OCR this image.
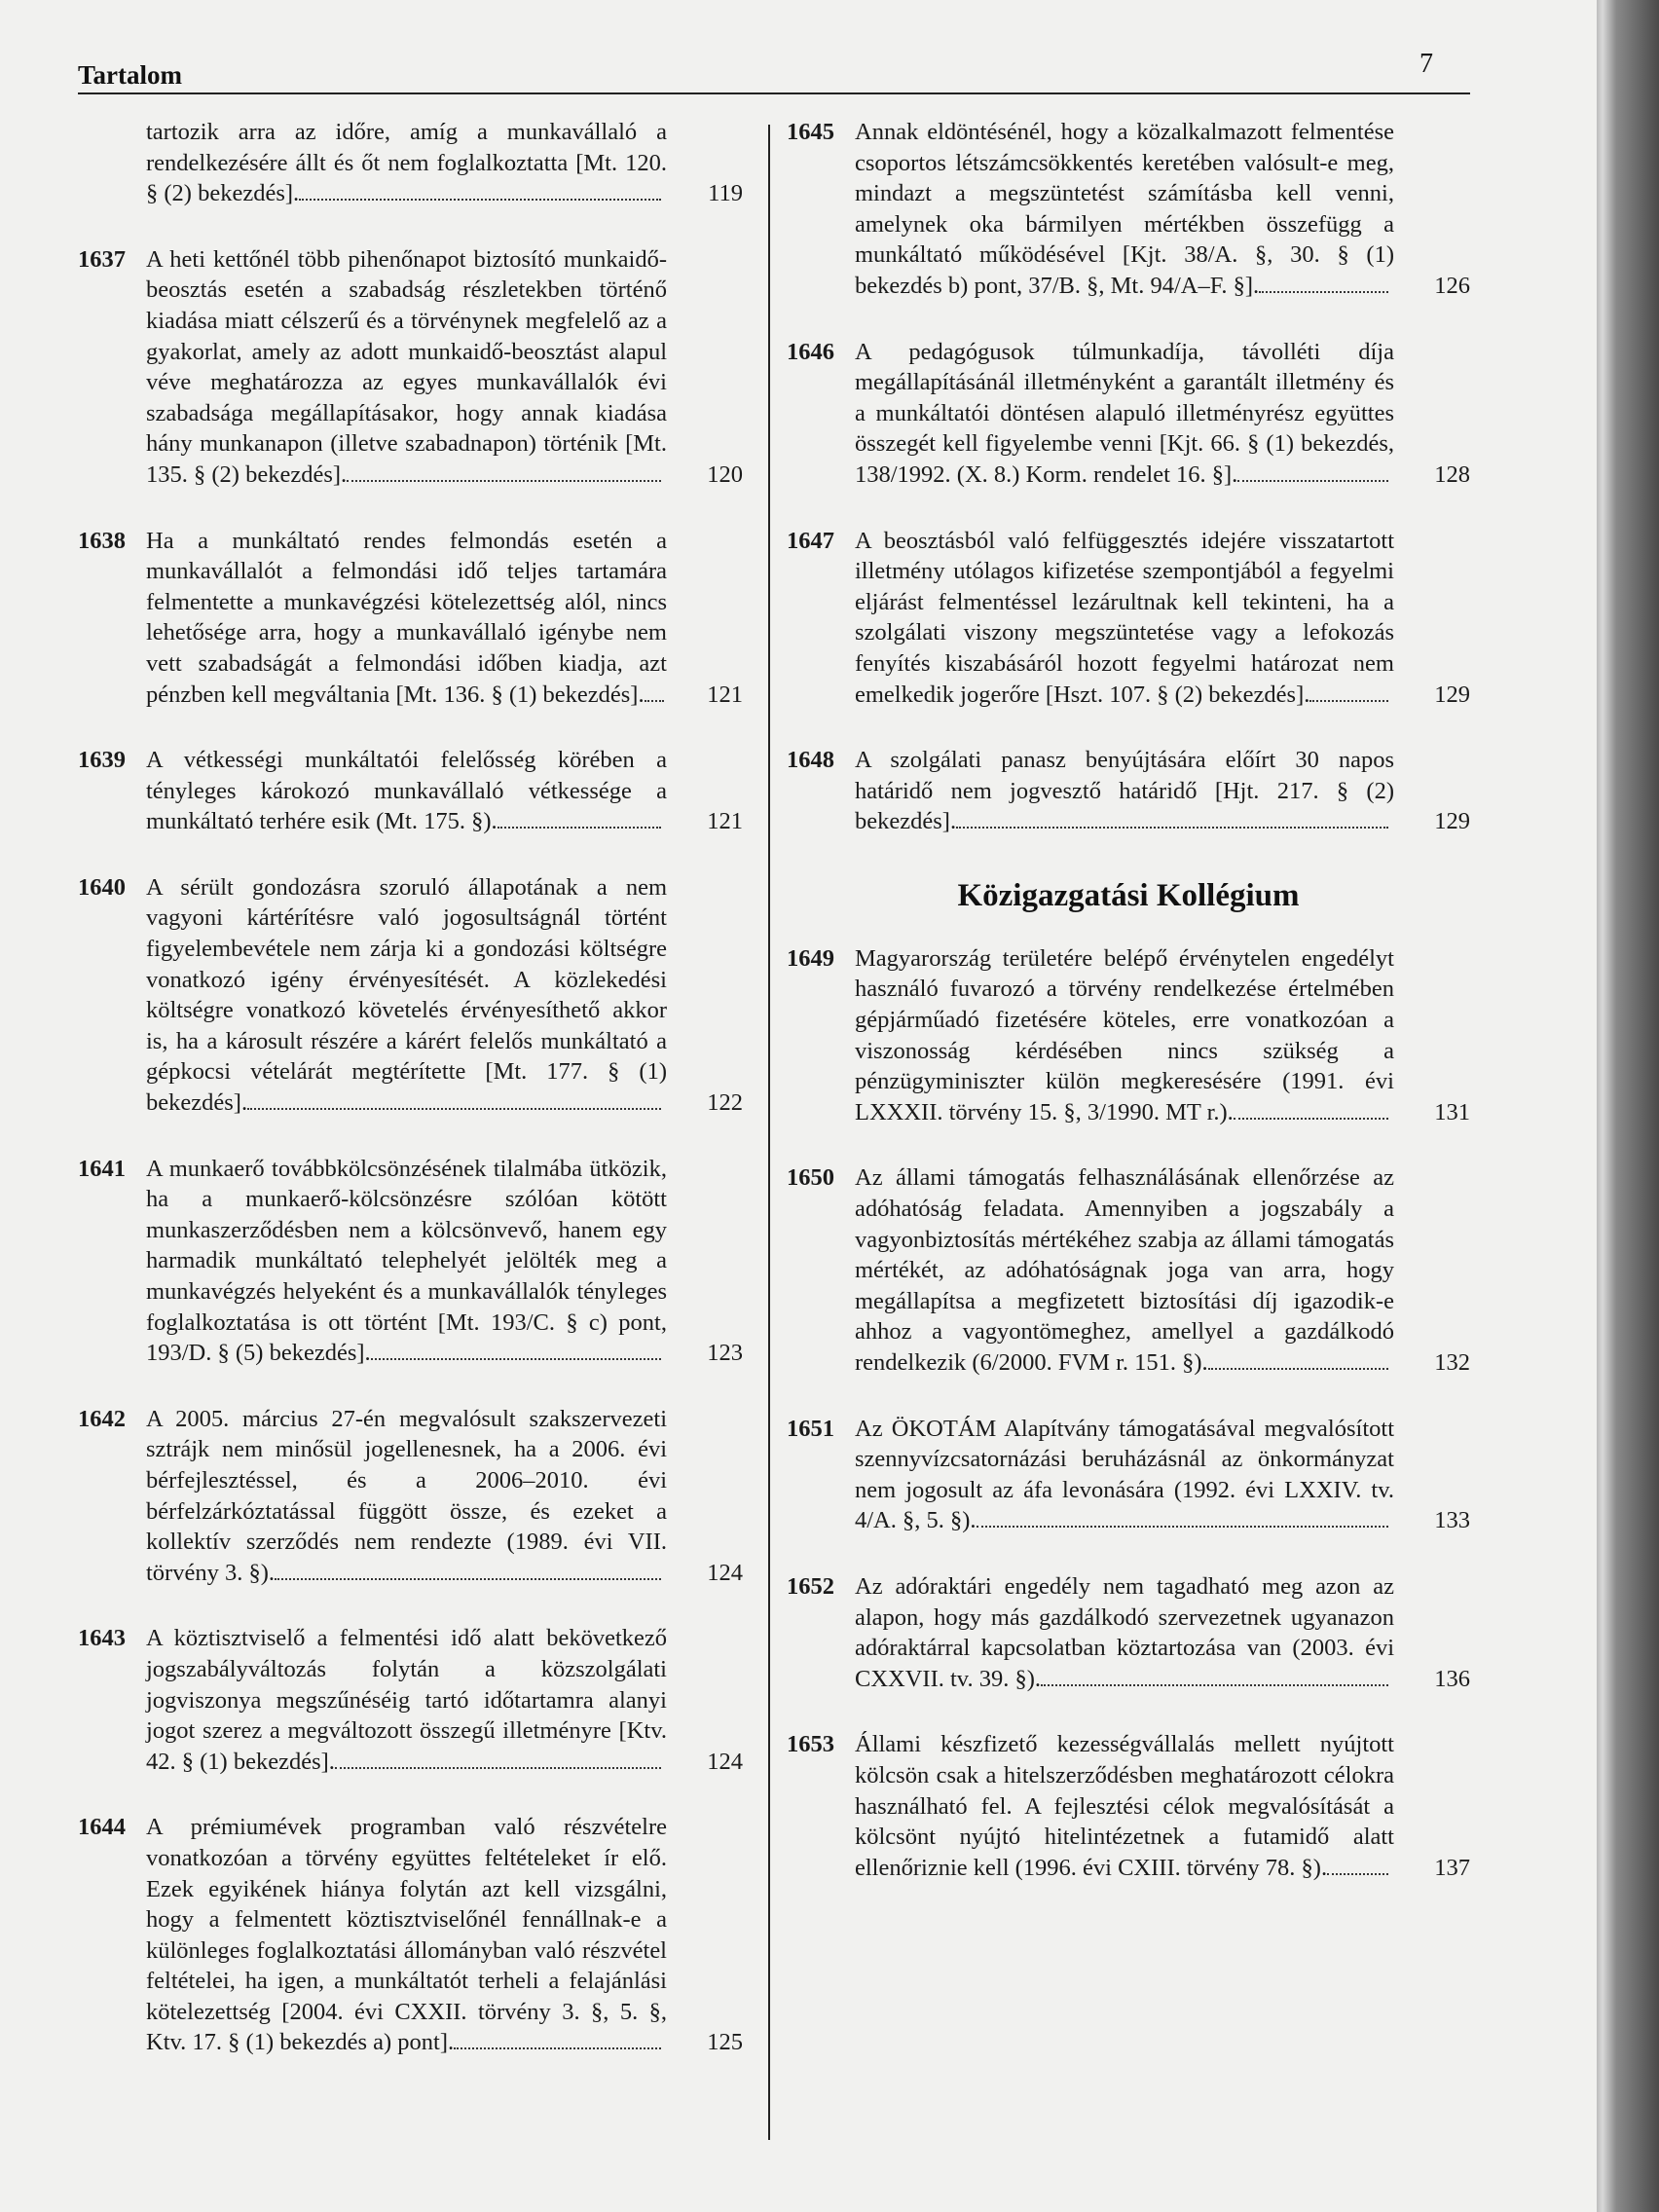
Tartalom	7
tartozik arra az időre, amíg a munkavállaló a rendelkezésére állt és őt nem foglalkoztatta [Mt. 120. § (2) bekezdés].	119
1637 A heti kettőnél több pihenőnapot biztosító munkaidő-beosztás esetén a szabadság részletekben történő kiadása miatt célszerű és a törvénynek megfelelő az a gyakorlat, amely az adott munkaidő-beosztást alapul véve meghatározza az egyes munkavállalók évi szabadsága megállapításakor, hogy annak kiadása hány munkanapon (illetve szabadnapon) történik [Mt. 135. § (2) bekezdés].	120
1638 Ha a munkáltató rendes felmondás esetén a munkavállalót a felmondási idő teljes tartamára felmentette a munkavégzési kötelezettség alól, nincs lehetősége arra, hogy a munkavállaló igénybe nem vett szabadságát a felmondási időben kiadja, azt pénzben kell megváltania [Mt. 136. § (1) bekezdés].	121
1639 A vétkességi munkáltatói felelősség körében a tényleges károkozó munkavállaló vétkessége a munkáltató terhére esik (Mt. 175. §).	121
1640 A sérült gondozásra szoruló állapotának a nem vagyoni kártérítésre való jogosultságnál történt figyelembevétele nem zárja ki a gondozási költségre vonatkozó igény érvényesítését. A közlekedési költségre vonatkozó követelés érvényesíthető akkor is, ha a károsult részére a kárért felelős munkáltató a gépkocsi vételárát megtérítette [Mt. 177. § (1) bekezdés].	122
1641 A munkaerő továbbkölcsönzésének tilalmába ütközik, ha a munkaerő-kölcsönzésre szólóan kötött munkaszerződésben nem a kölcsönvevő, hanem egy harmadik munkáltató telephelyét jelölték meg a munkavégzés helyeként és a munkavállalók tényleges foglalkoztatása is ott történt [Mt. 193/C. § c) pont, 193/D. § (5) bekezdés].	123
1642 A 2005. március 27-én megvalósult szakszervezeti sztrájk nem minősül jogellenesnek, ha a 2006. évi bérfejlesztéssel, és a 2006–2010. évi bérfelzárkóztatással függött össze, és ezeket a kollektív szerződés nem rendezte (1989. évi VII. törvény 3. §).	124
1643 A köztisztviselő a felmentési idő alatt bekövetkező jogszabályváltozás folytán a közszolgálati jogviszonya megszűnéséig tartó időtartamra alanyi jogot szerez a megváltozott összegű illetményre [Ktv. 42. § (1) bekezdés].	124
1644 A prémiumévek programban való részvételre vonatkozóan a törvény együttes feltételeket ír elő. Ezek egyikének hiánya folytán azt kell vizsgálni, hogy a felmentett köztisztviselőnél fennállnak-e a különleges foglalkoztatási állományban való részvétel feltételei, ha igen, a munkáltatót terheli a felajánlási kötelezettség [2004. évi CXXII. törvény 3. §, 5. §, Ktv. 17. § (1) bekezdés a) pont].	125
1645 Annak eldöntésénél, hogy a közalkalmazott felmentése csoportos létszámcsökkentés keretében valósult-e meg, mindazt a megszüntetést számításba kell venni, amelynek oka bármilyen mértékben összefügg a munkáltató működésével [Kjt. 38/A. §, 30. § (1) bekezdés b) pont, 37/B. §, Mt. 94/A–F. §].	126
1646 A pedagógusok túlmunkadíja, távolléti díja megállapításánál illetményként a garantált illetmény és a munkáltatói döntésen alapuló illetményrész együttes összegét kell figyelembe venni [Kjt. 66. § (1) bekezdés, 138/1992. (X. 8.) Korm. rendelet 16. §].	128
1647 A beosztásból való felfüggesztés idejére visszatartott illetmény utólagos kifizetése szempontjából a fegyelmi eljárást felmentéssel lezárultnak kell tekinteni, ha a szolgálati viszony megszüntetése vagy a lefokozás fenyítés kiszabásáról hozott fegyelmi határozat nem emelkedik jogerőre [Hszt. 107. § (2) bekezdés].	129
1648 A szolgálati panasz benyújtására előírt 30 napos határidő nem jogvesztő határidő [Hjt. 217. § (2) bekezdés].	129
Közigazgatási Kollégium
1649 Magyarország területére belépő érvénytelen engedélyt használó fuvarozó a törvény rendelkezése értelmében gépjárműadó fizetésére köteles, erre vonatkozóan a viszonosság kérdésében nincs szükség a pénzügyminiszter külön megkeresésére (1991. évi LXXXII. törvény 15. §, 3/1990. MT r.).	131
1650 Az állami támogatás felhasználásának ellenőrzése az adóhatóság feladata. Amennyiben a jogszabály a vagyonbiztosítás mértékéhez szabja az állami támogatás mértékét, az adóhatóságnak joga van arra, hogy megállapítsa a megfizetett biztosítási díj igazodik-e ahhoz a vagyontömeghez, amellyel a gazdálkodó rendelkezik (6/2000. FVM r. 151. §).	132
1651 Az ÖKOTÁM Alapítvány támogatásával megvalósított szennyvízcsatornázási beruházásnál az önkormányzat nem jogosult az áfa levonására (1992. évi LXXIV. tv. 4/A. §, 5. §).	133
1652 Az adóraktári engedély nem tagadható meg azon az alapon, hogy más gazdálkodó szervezetnek ugyanazon adóraktárral kapcsolatban köztartozása van (2003. évi CXXVII. tv. 39. §).	136
1653 Állami készfizető kezességvállalás mellett nyújtott kölcsön csak a hitelszerződésben meghatározott célokra használható fel. A fejlesztési célok megvalósítását a kölcsönt nyújtó hitelintézetnek a futamidő alatt ellenőriznie kell (1996. évi CXIII. törvény 78. §).	137
